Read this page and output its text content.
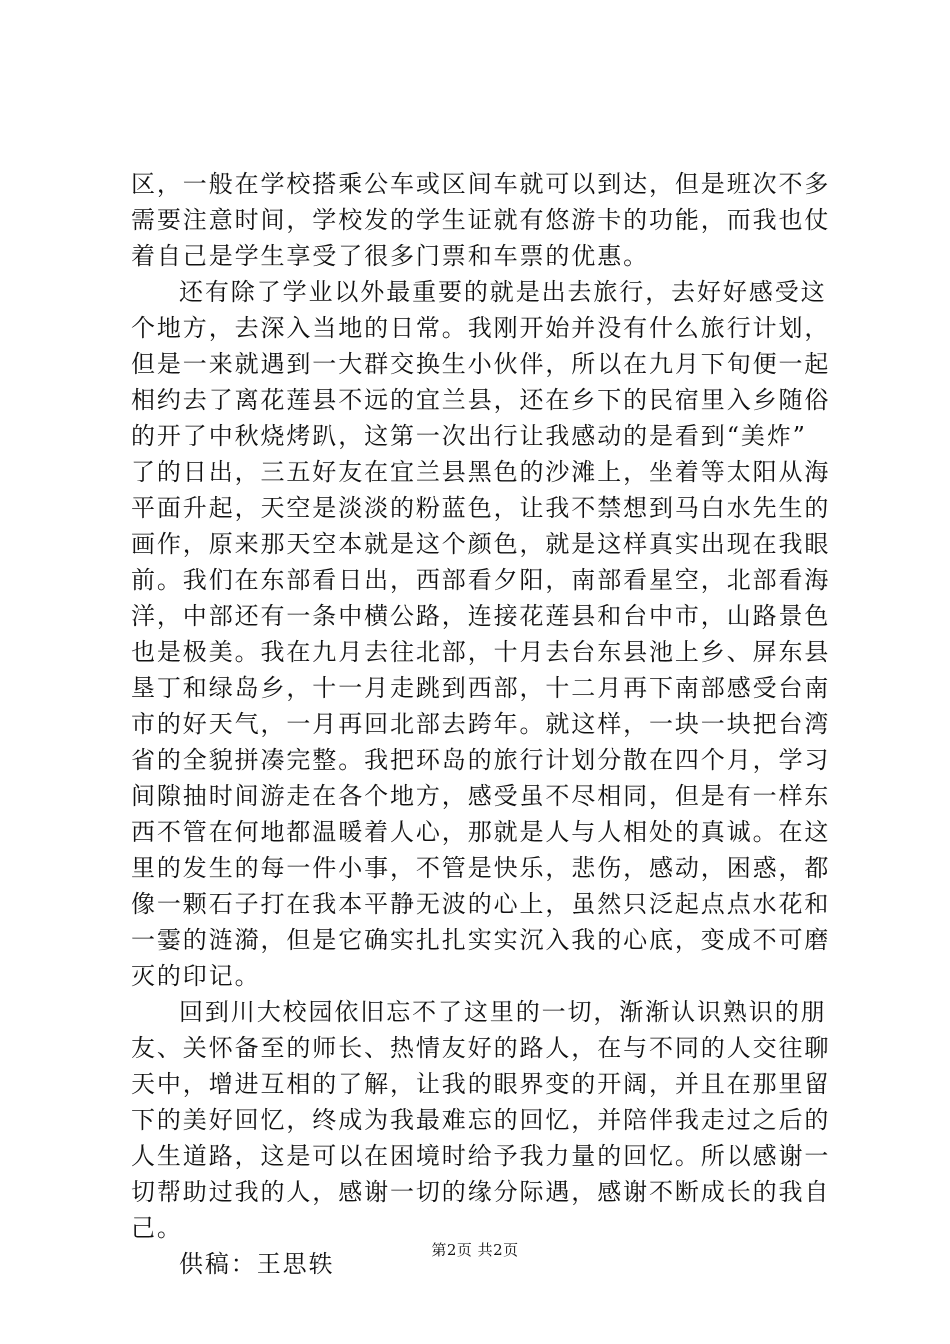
区，一般在学校搭乘公车或区间车就可以到达，但是班次不多
需要注意时间，学校发的学生证就有悠游卡的功能，而我也仗
着自己是学生享受了很多门票和车票的优惠。
还有除了学业以外最重要的就是出去旅行，去好好感受这
个地方，去深入当地的日常。我刚开始并没有什么旅行计划，
但是一来就遇到一大群交换生小伙伴，所以在九月下旬便一起
相约去了离花莲县不远的宜兰县，还在乡下的民宿里入乡随俗
的开了中秋烧烤趴，这第一次出行让我感动的是看到“美炸”
了的日出，三五好友在宜兰县黑色的沙滩上，坐着等太阳从海
平面升起，天空是淡淡的粉蓝色，让我不禁想到马白水先生的
画作，原来那天空本就是这个颜色，就是这样真实出现在我眼
前。我们在东部看日出，西部看夕阳，南部看星空，北部看海
洋，中部还有一条中横公路，连接花莲县和台中市，山路景色
也是极美。我在九月去往北部，十月去台东县池上乡、屏东县
垦丁和绿岛乡，十一月走跳到西部，十二月再下南部感受台南
市的好天气，一月再回北部去跨年。就这样，一块一块把台湾
省的全貌拼凑完整。我把环岛的旅行计划分散在四个月，学习
间隙抽时间游走在各个地方，感受虽不尽相同，但是有一样东
西不管在何地都温暖着人心，那就是人与人相处的真诚。在这
里的发生的每一件小事，不管是快乐，悲伤，感动，困惑，都
像一颗石子打在我本平静无波的心上，虽然只泛起点点水花和
一霎的涟漪，但是它确实扎扎实实沉入我的心底，变成不可磨
灭的印记。
回到川大校园依旧忘不了这里的一切，渐渐认识熟识的朋
友、关怀备至的师长、热情友好的路人，在与不同的人交往聊
天中，增进互相的了解，让我的眼界变的开阔，并且在那里留
下的美好回忆，终成为我最难忘的回忆，并陪伴我走过之后的
人生道路，这是可以在困境时给予我力量的回忆。所以感谢一
切帮助过我的人，感谢一切的缘分际遇，感谢不断成长的我自
己。
供稿：王思轶	第2页 共2页
